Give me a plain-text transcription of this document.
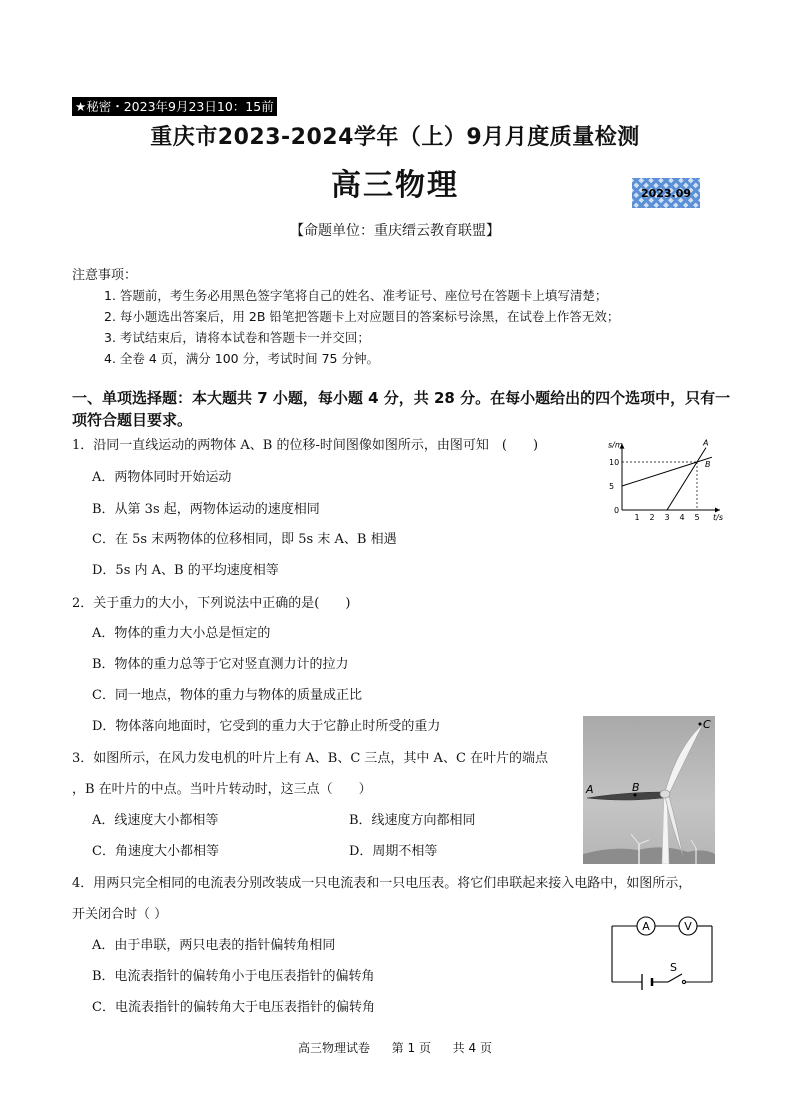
★秘密・2023年9月23日10：15前
重庆市2023-2024学年（上）9月月度质量检测
高三物理	2023.09
【命题单位：重庆缙云教育联盟】
注意事项：
1. 答题前，考生务必用黑色签字笔将自己的姓名、准考证号、座位号在答题卡上填写清楚；
2. 每小题选出答案后，用 2B 铅笔把答题卡上对应题目的答案标号涂黑，在试卷上作答无效；
3. 考试结束后，请将本试卷和答题卡一并交回；
4. 全卷 4 页，满分 100 分，考试时间 75 分钟。
一、单项选择题：本大题共 7 小题，每小题 4 分，共 28 分。在每小题给出的四个选项中，只有一项符合题目要求。
1．沿同一直线运动的两物体 A、B 的位移-时间图像如图所示，由图可知　(　　)
A．两物体同时开始运动
B．从第 3s 起，两物体运动的速度相同
C．在 5s 末两物体的位移相同，即 5s 末 A、B 相遇
D．5s 内 A、B 的平均速度相等
s/m
t/s
0
1 2 3 4 5
5
10
A
B
2．关于重力的大小，下列说法中正确的是(　　)
A．物体的重力大小总是恒定的
B．物体的重力总等于它对竖直测力计的拉力
C．同一地点，物体的重力与物体的质量成正比
D．物体落向地面时，它受到的重力大于它静止时所受的重力
3．如图所示，在风力发电机的叶片上有 A、B、C 三点，其中 A、C 在叶片的端点
，B 在叶片的中点。当叶片转动时，这三点（　　）
A．线速度大小都相等	B．线速度方向都相同
C．角速度大小都相等	D．周期不相等
C
B
A
4．用两只完全相同的电流表分别改装成一只电流表和一只电压表。将它们串联起来接入电路中，如图所示，
开关闭合时（ ）
A．由于串联，两只电表的指针偏转角相同
B．电流表指针的偏转角小于电压表指针的偏转角
C．电流表指针的偏转角大于电压表指针的偏转角
A	V
S
高三物理试卷 第 1 页 共 4 页
